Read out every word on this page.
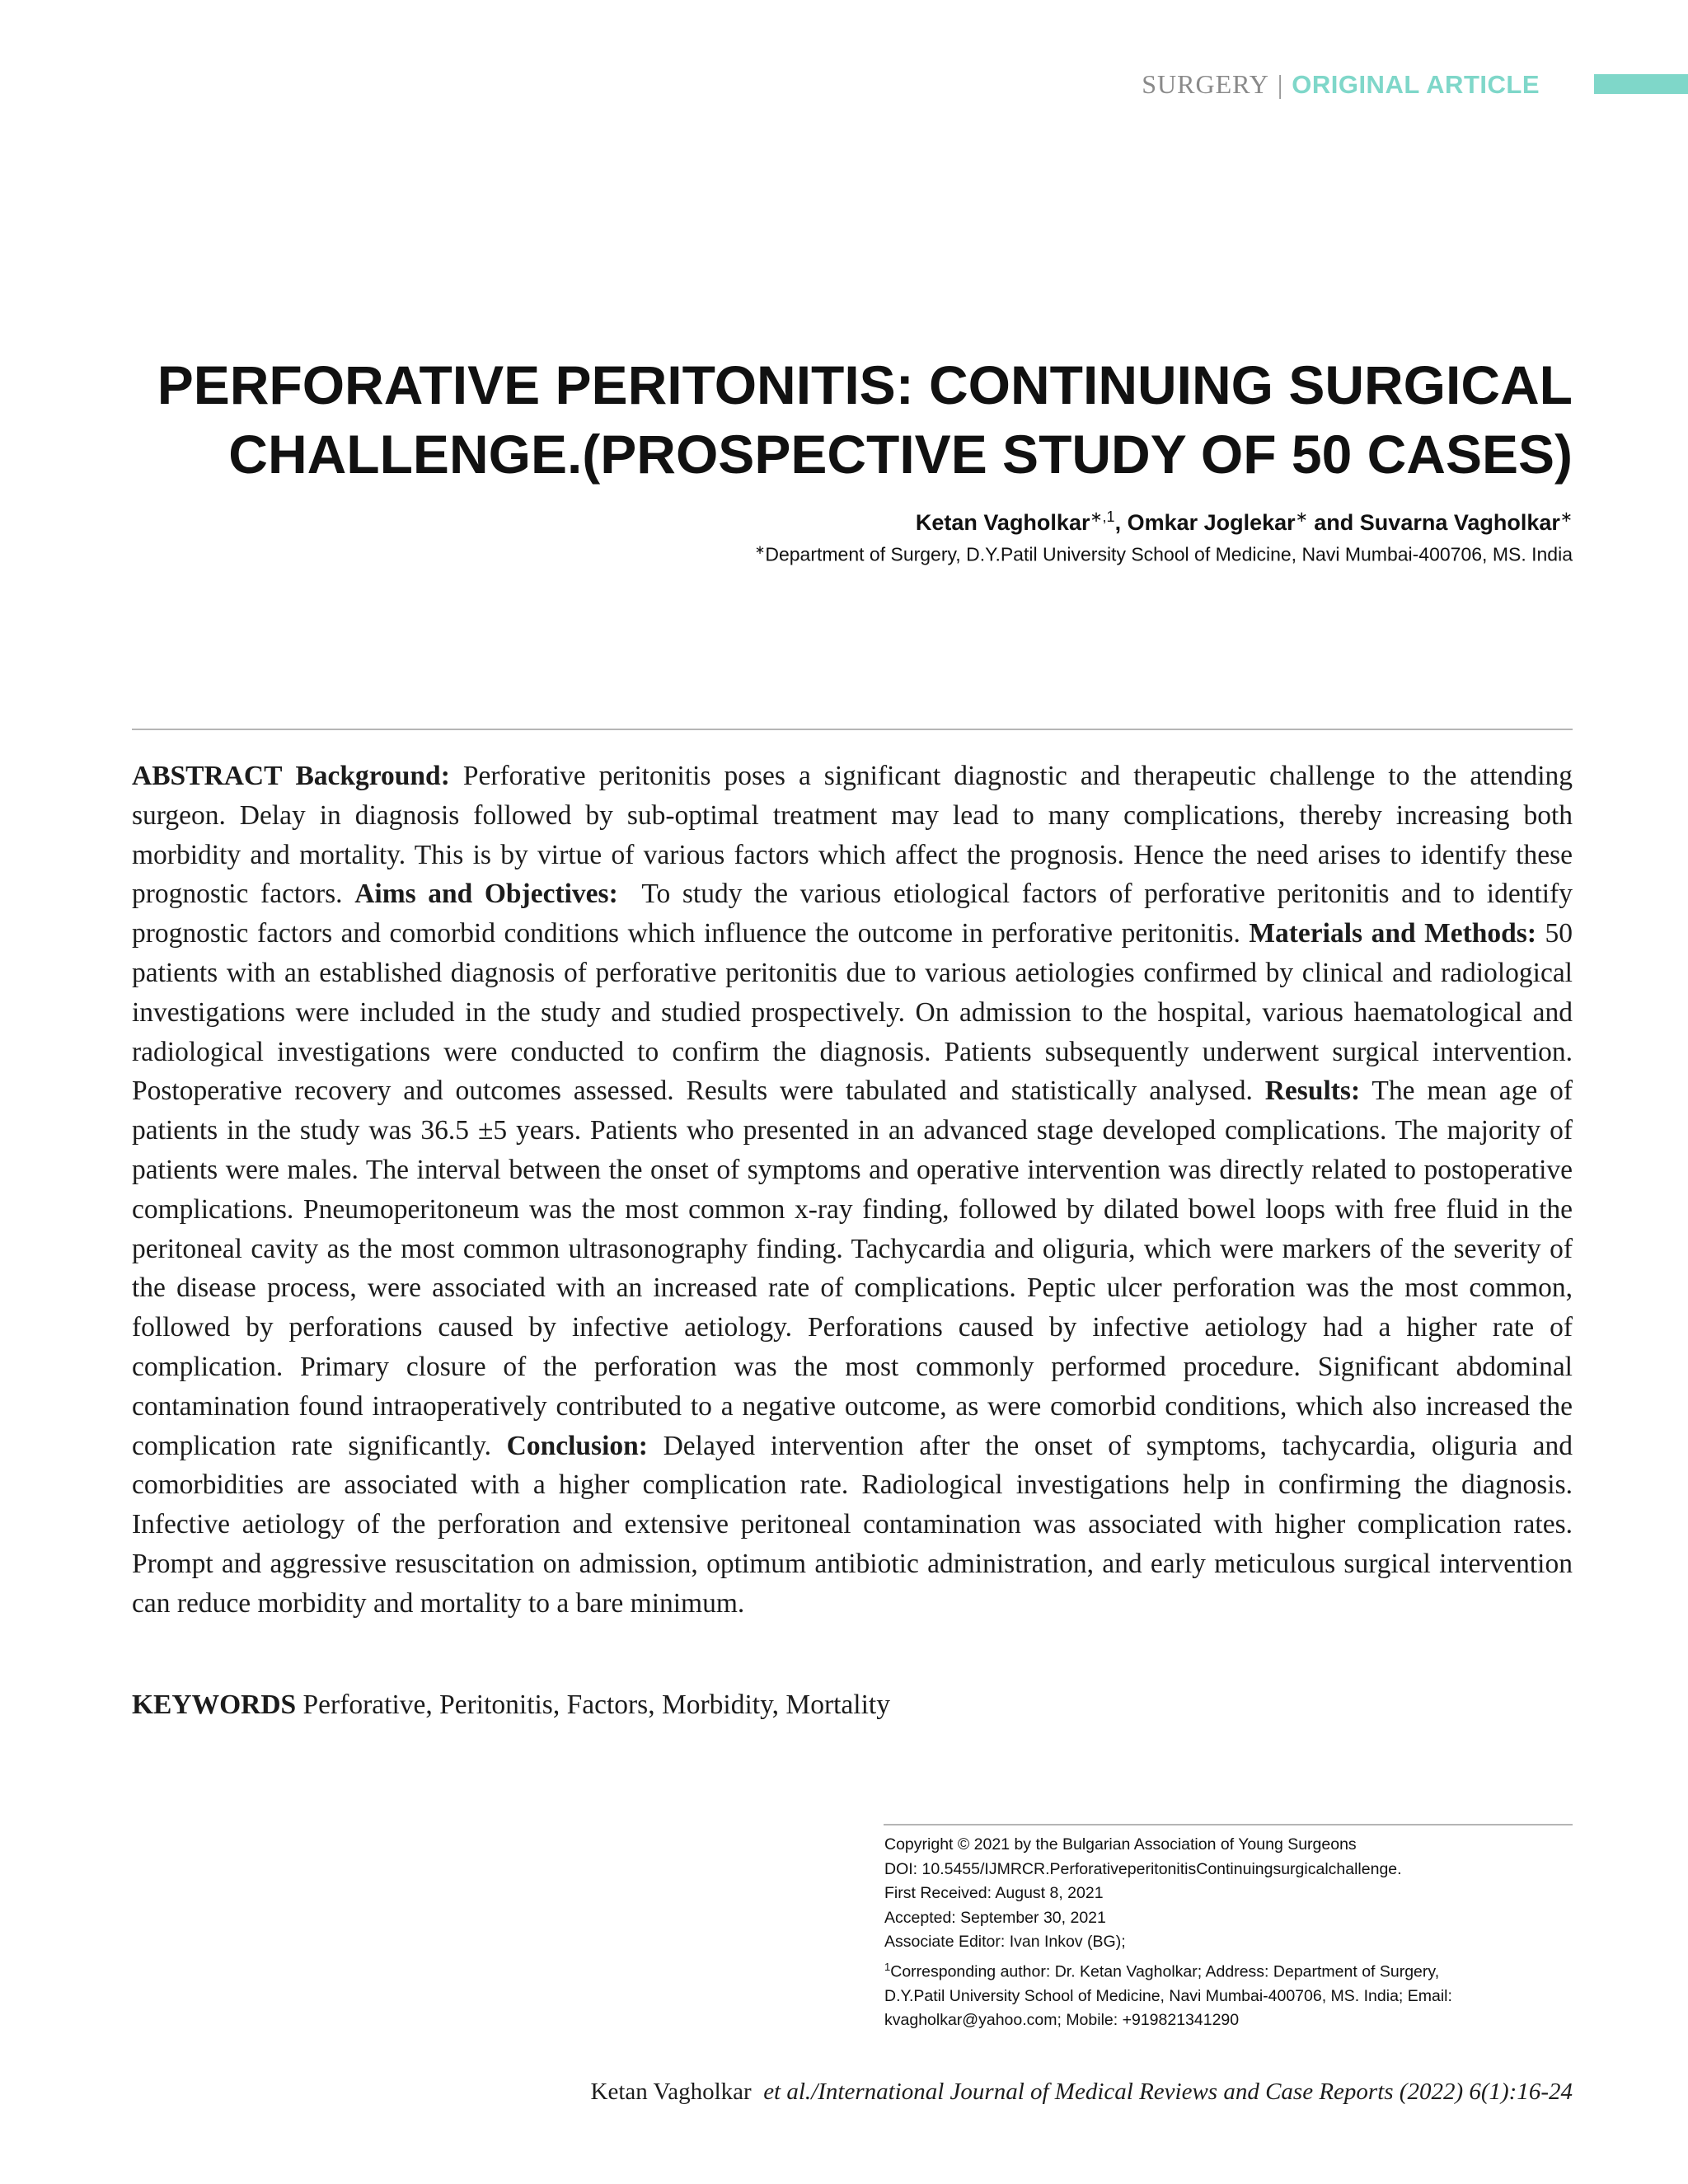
SURGERY | ORIGINAL ARTICLE
PERFORATIVE PERITONITIS: CONTINUING SURGICAL
CHALLENGE.(PROSPECTIVE STUDY OF 50 CASES)
Ketan Vagholkar$^{∗,1}$, Omkar Joglekar∗ and Suvarna Vagholkar∗
∗Department of Surgery, D.Y.Patil University School of Medicine, Navi Mumbai-400706, MS. India
ABSTRACT Background: Perforative peritonitis poses a significant diagnostic and therapeutic challenge to the attending surgeon. Delay in diagnosis followed by sub-optimal treatment may lead to many complications, thereby increasing both morbidity and mortality. This is by virtue of various factors which affect the prognosis. Hence the need arises to identify these prognostic factors. Aims and Objectives: To study the various etiological factors of perforative peritonitis and to identify prognostic factors and comorbid conditions which influence the outcome in perforative peritonitis. Materials and Methods: 50 patients with an established diagnosis of perforative peritonitis due to various aetiologies confirmed by clinical and radiological investigations were included in the study and studied prospectively. On admission to the hospital, various haematological and radiological investigations were conducted to confirm the diagnosis. Patients subsequently underwent surgical intervention. Postoperative recovery and outcomes assessed. Results were tabulated and statistically analysed. Results: The mean age of patients in the study was 36.5 ±5 years. Patients who presented in an advanced stage developed complications. The majority of patients were males. The interval between the onset of symptoms and operative intervention was directly related to postoperative complications. Pneumoperitoneum was the most common x-ray finding, followed by dilated bowel loops with free fluid in the peritoneal cavity as the most common ultrasonography finding. Tachycardia and oliguria, which were markers of the severity of the disease process, were associated with an increased rate of complications. Peptic ulcer perforation was the most common, followed by perforations caused by infective aetiology. Perforations caused by infective aetiology had a higher rate of complication. Primary closure of the perforation was the most commonly performed procedure. Significant abdominal contamination found intraoperatively contributed to a negative outcome, as were comorbid conditions, which also increased the complication rate significantly. Conclusion: Delayed intervention after the onset of symptoms, tachycardia, oliguria and comorbidities are associated with a higher complication rate. Radiological investigations help in confirming the diagnosis. Infective aetiology of the perforation and extensive peritoneal contamination was associated with higher complication rates. Prompt and aggressive resuscitation on admission, optimum antibiotic administration, and early meticulous surgical intervention can reduce morbidity and mortality to a bare minimum.
KEYWORDS Perforative, Peritonitis, Factors, Morbidity, Mortality
Copyright © 2021 by the Bulgarian Association of Young Surgeons
DOI: 10.5455/IJMRCR.PerforativeperitonitisContinuingsurgicalchallenge.
First Received: August 8, 2021
Accepted: September 30, 2021
Associate Editor: Ivan Inkov (BG);
$^1$Corresponding author: Dr. Ketan Vagholkar; Address: Department of Surgery,
D.Y.Patil University School of Medicine, Navi Mumbai-400706, MS. India; Email:
kvagholkar@yahoo.com; Mobile: +919821341290
Ketan Vagholkar et al./International Journal of Medical Reviews and Case Reports (2022) 6(1):16-24
